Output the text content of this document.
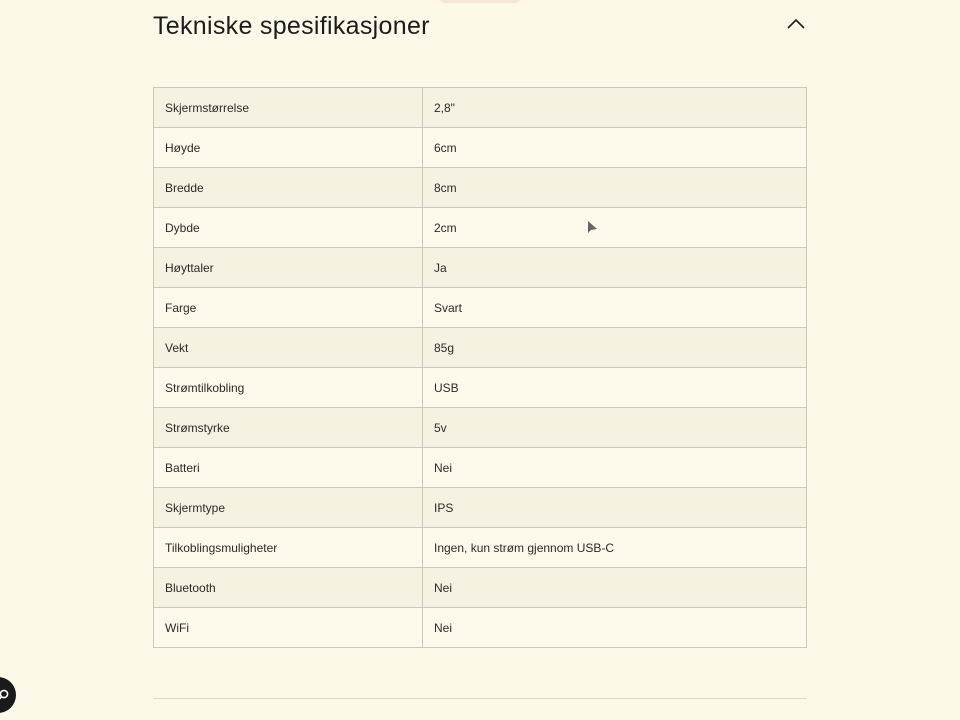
Tekniske spesifikasjoner
Skjermstørrelse	2,8"
Høyde	6cm
Bredde	8cm
Dybde	2cm
Høyttaler	Ja
Farge	Svart
Vekt	85g
Strømtilkobling	USB
Strømstyrke	5v
Batteri	Nei
Skjermtype	IPS
Tilkoblingsmuligheter	Ingen, kun strøm gjennom USB-C
Bluetooth	Nei
WiFi	Nei
